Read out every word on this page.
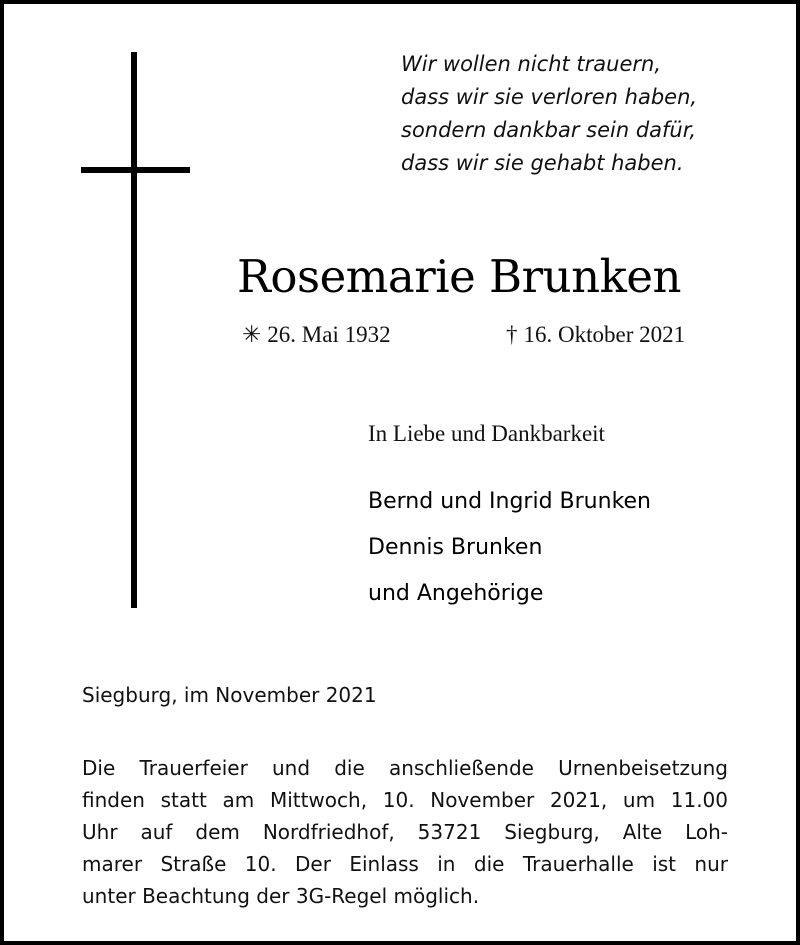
Wir wollen nicht trauern,
dass wir sie verloren haben,
sondern dankbar sein dafür,
dass wir sie gehabt haben.
Rosemarie Brunken
✳ 26. Mai 1932	† 16. Oktober 2021
In Liebe und Dankbarkeit
Bernd und Ingrid Brunken
Dennis Brunken
und Angehörige
Siegburg, im November 2021
Die Trauerfeier und die anschließende Urnenbeisetzung
finden statt am Mittwoch, 10. November 2021, um 11.00
Uhr auf dem Nordfriedhof, 53721 Siegburg, Alte Loh-
marer Straße 10. Der Einlass in die Trauerhalle ist nur
unter Beachtung der 3G-Regel möglich.
